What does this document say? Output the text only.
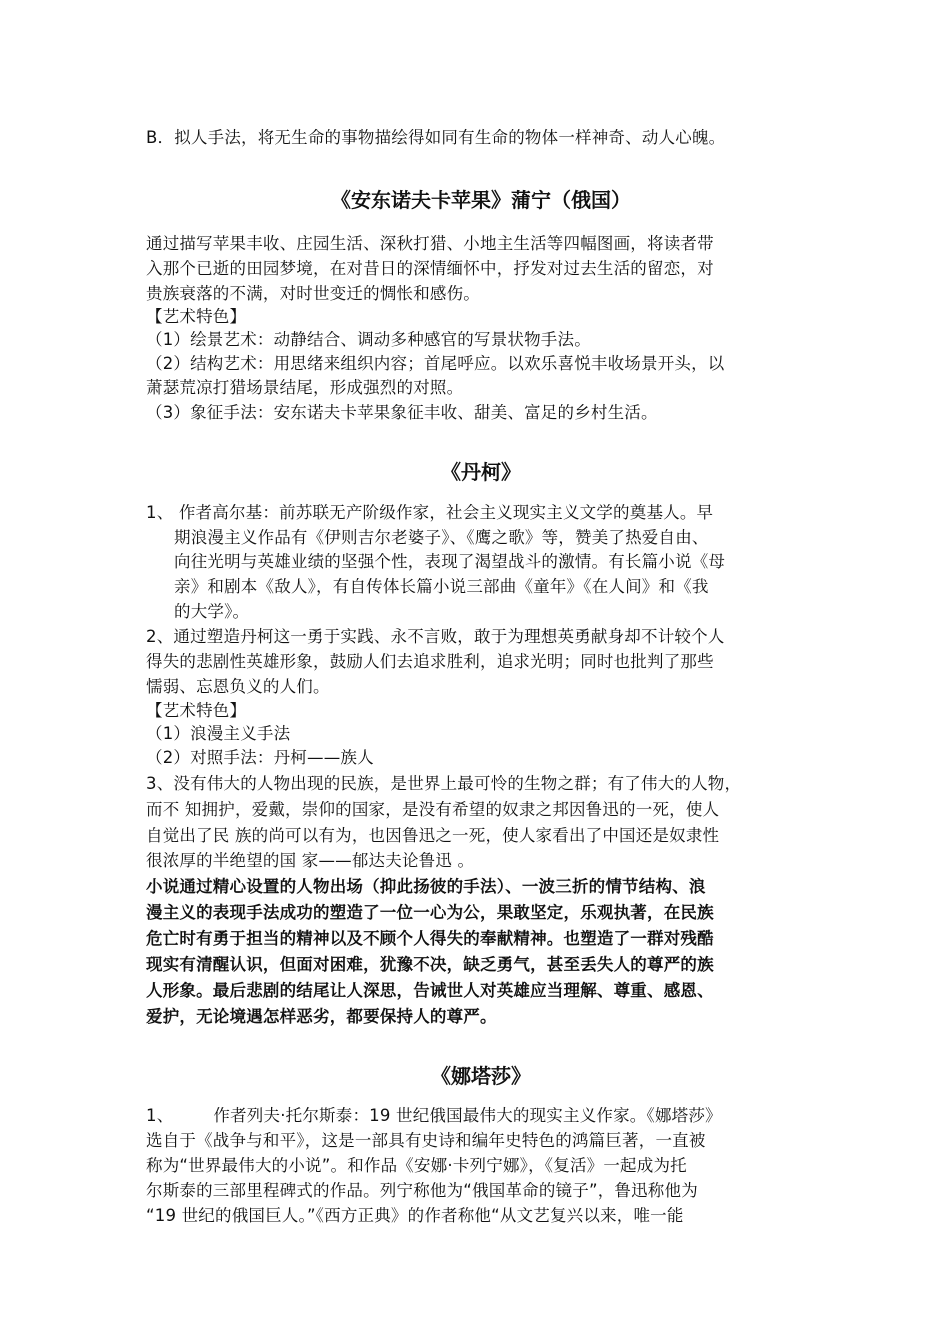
B．拟人手法，将无生命的事物描绘得如同有生命的物体一样神奇、动人心魄。
《安东诺夫卡苹果》蒲宁（俄国）
通过描写苹果丰收、庄园生活、深秋打猎、小地主生活等四幅图画，将读者带
入那个已逝的田园梦境，在对昔日的深情缅怀中，抒发对过去生活的留恋，对
贵族衰落的不满，对时世变迁的惆怅和感伤。
【艺术特色】
（1）绘景艺术：动静结合、调动多种感官的写景状物手法。
（2）结构艺术：用思绪来组织内容；首尾呼应。以欢乐喜悦丰收场景开头，以
萧瑟荒凉打猎场景结尾，形成强烈的对照。
（3）象征手法：安东诺夫卡苹果象征丰收、甜美、富足的乡村生活。
《丹柯》
1、 作者高尔基：前苏联无产阶级作家，社会主义现实主义文学的奠基人。早
期浪漫主义作品有《伊则吉尔老婆子》、《鹰之歌》等，赞美了热爱自由、
向往光明与英雄业绩的坚强个性，表现了渴望战斗的激情。有长篇小说《母
亲》和剧本《敌人》，有自传体长篇小说三部曲《童年》《在人间》和《我
的大学》。
2、通过塑造丹柯这一勇于实践、永不言败，敢于为理想英勇献身却不计较个人
得失的悲剧性英雄形象，鼓励人们去追求胜利，追求光明；同时也批判了那些
懦弱、忘恩负义的人们。
【艺术特色】
（1）浪漫主义手法
（2）对照手法：丹柯——族人
3、没有伟大的人物出现的民族，是世界上最可怜的生物之群；有了伟大的人物，
而不 知拥护，爱戴，崇仰的国家，是没有希望的奴隶之邦因鲁迅的一死，使人
自觉出了民 族的尚可以有为，也因鲁迅之一死，使人家看出了中国还是奴隶性
很浓厚的半绝望的国 家——郁达夫论鲁迅 。
小说通过精心设置的人物出场（抑此扬彼的手法）、一波三折的情节结构、浪
漫主义的表现手法成功的塑造了一位一心为公，果敢坚定，乐观执著，在民族
危亡时有勇于担当的精神以及不顾个人得失的奉献精神。也塑造了一群对残酷
现实有清醒认识，但面对困难，犹豫不决，缺乏勇气，甚至丢失人的尊严的族
人形象。最后悲剧的结尾让人深思，告诫世人对英雄应当理解、尊重、感恩、
爱护，无论境遇怎样恶劣，都要保持人的尊严。
《娜塔莎》
1、 作者列夫·托尔斯泰：19 世纪俄国最伟大的现实主义作家。《娜塔莎》
选自于《战争与和平》，这是一部具有史诗和编年史特色的鸿篇巨著，一直被
称为“世界最伟大的小说”。和作品《安娜·卡列宁娜》，《复活》一起成为托
尔斯泰的三部里程碑式的作品。列宁称他为“俄国革命的镜子”，鲁迅称他为
“19 世纪的俄国巨人。”《西方正典》的作者称他“从文艺复兴以来，唯一能
